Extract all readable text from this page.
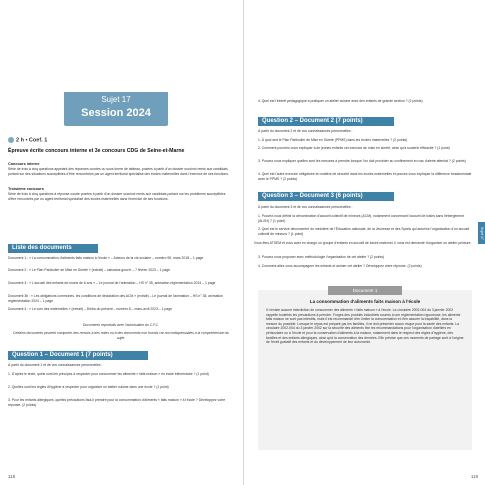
Sujet 17
Session 2024
2 h • Coef. 1
Épreuve écrite concours interne et 3e concours CDG de Seine-et-Marne
Concours interne
Série de trois à cinq questions appelant des réponses courtes ou sous forme de tableau, posées à partir d'un dossier succinct remis aux candidats portant sur des situations susceptibles d'être rencontrées par un agent territorial spécialisé des écoles maternelles dans l'exercice de ses fonctions.
Troisième concours
Série de trois à cinq questions à réponse courte posées à partir d'un dossier succinct remis aux candidats portant sur les problèmes susceptibles d'être rencontrés par un agent territorial spécialisé des écoles maternelles dans l'exercice de ses fonctions.
Liste des documents
Document 1 : « La consommation d'aliments faits maison à l'école » – Acteurs de la vie scolaire – numéro 95, mars 2018 – 1 page
Document 2 : « Le Plan Particulier de Mise en Sûreté » (extrait) – calvados.gouv.fr – 7 février 2023 – 1 page
Document 3 : « L'accueil des enfants de moins de 6 ans » – Le journal de l'animation – HS n° 35, animation réglementation 2024 – 1 page
Document 3b : « Les obligations communes, les conditions de déclaration des ACM » (extrait) – Le journal de l'animation – HS n° 35, animation réglementation 2024 – 1 page
Document 4 : « Le coin des maternelles » (extrait) – Diéba du présent – numéro 8 – mars-avril 2023 – 1 page
Documents reproduits avec l'autorisation du C.F.C.
Certains documents peuvent comporter des renvois à des notes ou à des documents non fournis car non indispensables à la compréhension du sujet.
Question 1 – Document 1 (7 points)
À partir du document 1 et de vos connaissances personnelles :
1. D'après le texte, quels sont les principes à respecter pour consommer les aliments « faits maison » en école élémentaire ? (1 point)
2. Quelles sont les règles d'hygiène à respecter pour organiser un atelier cuisine dans une école ? (1 point)
3. Pour les enfants allergiques, quelles précautions faut-il prendre pour la consommation d'aliments « faits maison » à l'école ? Développez votre réponse. (2 points)
118
4. Quel est l'intérêt pédagogique à pratiquer un atelier cuisine avec des enfants de grande section ? (2 points)
Question 2 – Document 2 (7 points)
À partir du document 2 et de vos connaissances personnelles :
1. À quoi sert le Plan Particulier de Mise en Sûreté (PPMS) dans les écoles maternelles ? (2 points)
2. Comment pourriez-vous expliquer à de jeunes enfants cet exercice de mise en sûreté, ainsi qu'à soutenir efficacité ? (1 point)
3. Pouvez-vous expliquer quelles sont les mesures à prendre lorsque l'on doit procéder au confinement en cas d'alerte attentat ? (2 points)
4. Quel est l'autre exercice obligatoire en matière de sécurité dans les écoles maternelles et pouvez-vous expliquer la différence fondamentale avec le PPMS ? (2 points)
Question 3 – Document 3 (6 points)
À partir du document 3 et de vos connaissances personnelles :
1. Pouvez-vous définir la dénomination d'accueil collectif de mineurs (ACM), notamment concernant l'accueil de loisirs sans hébergement (ALSH) ? (1 point)
2. Quel est le service déconcentré du ministère de l'Éducation nationale, de la Jeunesse et des Sports qui autorise l'organisation d'un accueil collectif de mineurs ? (1 point)
Vous êtes ATSEM et vous avez en charge un groupe d'enfants en accueil de loisirs maternel. Il vous est demandé d'organiser un atelier peinture.
3. Pouvez-vous proposer avec méthodologie l'organisation de cet atelier ? (2 points)
4. Comment allez-vous accompagner les enfants et animer cet atelier ? Développez votre réponse. (2 points)
Sujet 17
Document 1
La consommation d'aliments faits maison à l'école
Il n'existe aucune interdiction de consommer des aliments « faits maison » à l'école. La circulaire 2002-004 du 3 janvier 2002 rappelle toutefois les précautions à prendre. Forges des produits industriels soumis à une réglementation rigoureuse, les aliments faits maison ne sont pas interdits, mais il est recommandé d'en limiter la consommation et d'en assurer la traçabilité, dans la mesure du possible. Lorsque le repas est préparé par les familles, il ne doit présenter aucun risque pour la santé des enfants. La circulaire 2002-004 du 3 janvier 2002 sur la sécurité des aliments fixe les recommandations pour l'organisation d'ateliers en périscolaire ou à l'école et pour la conservation d'aliments à la maison, notamment dans le respect des règles d'hygiène, des familles et des enfants allergiques, ainsi qu'à la conservation des denrées. Elle précise que ces moments de partage sont à l'origine de l'éveil gustatif des enfants et du développement de leur autonomie.
119
